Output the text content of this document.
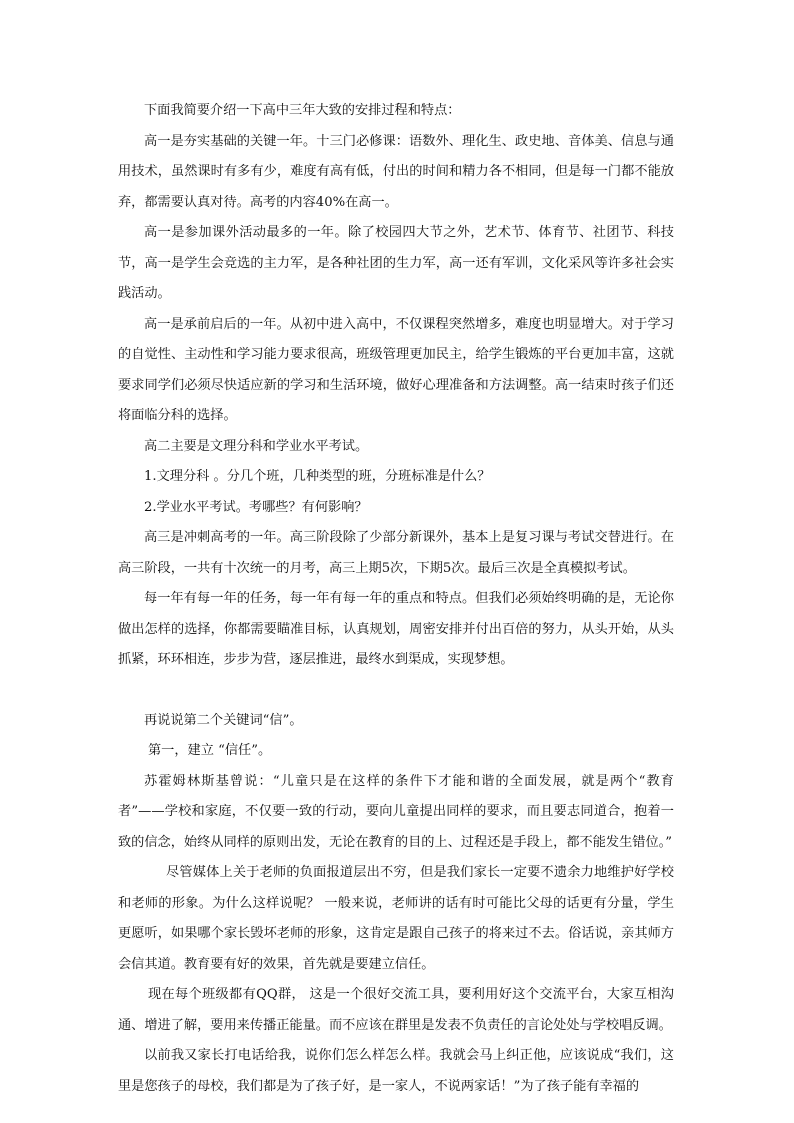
下面我简要介绍一下高中三年大致的安排过程和特点：

高一是夯实基础的关键一年。十三门必修课：语数外、理化生、政史地、音体美、信息与通用技术，虽然课时有多有少，难度有高有低，付出的时间和精力各不相同，但是每一门都不能放弃，都需要认真对待。高考的内容40%在高一。

高一是参加课外活动最多的一年。除了校园四大节之外，艺术节、体育节、社团节、科技节，高一是学生会竞选的主力军，是各种社团的生力军，高一还有军训，文化采风等许多社会实践活动。

高一是承前启后的一年。从初中进入高中，不仅课程突然增多，难度也明显增大。对于学习的自觉性、主动性和学习能力要求很高，班级管理更加民主，给学生锻炼的平台更加丰富，这就要求同学们必须尽快适应新的学习和生活环境，做好心理准备和方法调整。高一结束时孩子们还将面临分科的选择。

高二主要是文理分科和学业水平考试。

1.文理分科 。分几个班，几种类型的班，分班标准是什么？

2.学业水平考试。考哪些？有何影响？

高三是冲刺高考的一年。高三阶段除了少部分新课外，基本上是复习课与考试交替进行。在高三阶段，一共有十次统一的月考，高三上期5次，下期5次。最后三次是全真模拟考试。

每一年有每一年的任务，每一年有每一年的重点和特点。但我们必须始终明确的是，无论你做出怎样的选择，你都需要瞄准目标，认真规划，周密安排并付出百倍的努力，从头开始，从头抓紧，环环相连，步步为营，逐层推进，最终水到渠成，实现梦想。

再说说第二个关键词“信”。

第一，建立 “信任”。

苏霍姆林斯基曾说：“儿童只是在这样的条件下才能和谐的全面发展，就是两个“教育者”——学校和家庭，不仅要一致的行动，要向儿童提出同样的要求，而且要志同道合，抱着一致的信念，始终从同样的原则出发，无论在教育的目的上、过程还是手段上，都不能发生错位。”

尽管媒体上关于老师的负面报道层出不穷，但是我们家长一定要不遗余力地维护好学校和老师的形象。为什么这样说呢？ 一般来说，老师讲的话有时可能比父母的话更有分量，学生更愿听，如果哪个家长毁坏老师的形象，这肯定是跟自己孩子的将来过不去。俗话说，亲其师方会信其道。教育要有好的效果，首先就是要建立信任。

现在每个班级都有QQ群， 这是一个很好交流工具，要利用好这个交流平台，大家互相沟通、增进了解，要用来传播正能量。而不应该在群里是发表不负责任的言论处处与学校唱反调。

以前我又家长打电话给我，说你们怎么样怎么样。我就会马上纠正他，应该说成“我们，这里是您孩子的母校，我们都是为了孩子好，是一家人，不说两家话！”为了孩子能有幸福的
